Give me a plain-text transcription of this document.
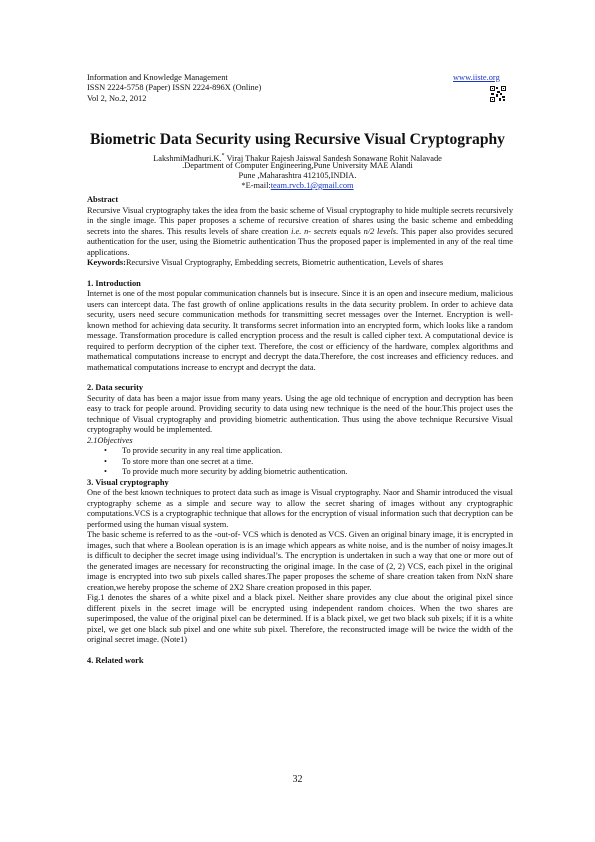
Information and Knowledge Management
ISSN 2224-5758 (Paper) ISSN 2224-896X (Online)
Vol 2, No.2, 2012
www.iiste.org
Biometric Data Security using Recursive Visual Cryptography
LakshmiMadhuri.K.* Viraj Thakur Rajesh Jaiswal Sandesh Sonawane Rohit Nalavade
.Department of Computer Engineering,Pune University MAE Alandi
Pune ,Maharashtra 412105,INDIA.
*E-mail:team.rvcb.1@gmail.com
Abstract

Recursive Visual cryptography takes the idea from the basic scheme of Visual cryptography to hide multiple secrets recursively in the single image. This paper proposes a scheme of recursive creation of shares using the basic scheme and embedding secrets into the shares. This results levels of share creation i.e. n- secrets equals n/2 levels. This paper also provides secured authentication for the user, using the Biometric authentication Thus the proposed paper is implemented in any of the real time applications.

Keywords:Recursive Visual Cryptography, Embedding secrets, Biometric authentication, Levels of shares

1. Introduction

Internet is one of the most popular communication channels but is insecure. Since it is an open and insecure medium, malicious users can intercept data. The fast growth of online applications results in the data security problem. In order to achieve data security, users need secure communication methods for transmitting secret messages over the Internet. Encryption is well-known method for achieving data security. It transforms secret information into an encrypted form, which looks like a random message. Transformation procedure is called encryption process and the result is called cipher text. A computational device is required to perform decryption of the cipher text. Therefore, the cost or efficiency of the hardware, complex algorithms and mathematical computations increase to encrypt and decrypt the data.Therefore, the cost increases and efficiency reduces. and mathematical computations increase to encrypt and decrypt the data.

2. Data security

Security of data has been a major issue from many years. Using the age old technique of encryption and decryption has been easy to track for people around. Providing security to data using new technique is the need of the hour.This project uses the technique of Visual cryptography and providing biometric authentication. Thus using the above technique Recursive Visual cryptography would be implemented.

2.1Objectives
• To provide security in any real time application.
• To store more than one secret at a time.
• To provide much more security by adding biometric authentication.
3. Visual cryptography

One of the best known techniques to protect data such as image is Visual cryptography. Naor and Shamir introduced the visual cryptography scheme as a simple and secure way to allow the secret sharing of images without any cryptographic computations.VCS is a cryptographic technique that allows for the encryption of visual information such that decryption can be performed using the human visual system.

The basic scheme is referred to as the -out-of- VCS which is denoted as VCS. Given an original binary image, it is encrypted in images, such that where a Boolean operation is is an image which appears as white noise, and is the number of noisy images.It is difficult to decipher the secret image using individual’s. The encryption is undertaken in such a way that one or more out of the generated images are necessary for reconstructing the original image. In the case of (2, 2) VCS, each pixel in the original image is encrypted into two sub pixels called shares.The paper proposes the scheme of share creation taken from NxN share creation,we hereby propose the scheme of 2X2 Share creation proposed in this paper.

Fig.1 denotes the shares of a white pixel and a black pixel. Neither share provides any clue about the original pixel since different pixels in the secret image will be encrypted using independent random choices. When the two shares are superimposed, the value of the original pixel can be determined. If is a black pixel, we get two black sub pixels; if it is a white pixel, we get one black sub pixel and one white sub pixel. Therefore, the reconstructed image will be twice the width of the original secret image. (Note1)

4. Related work
32
